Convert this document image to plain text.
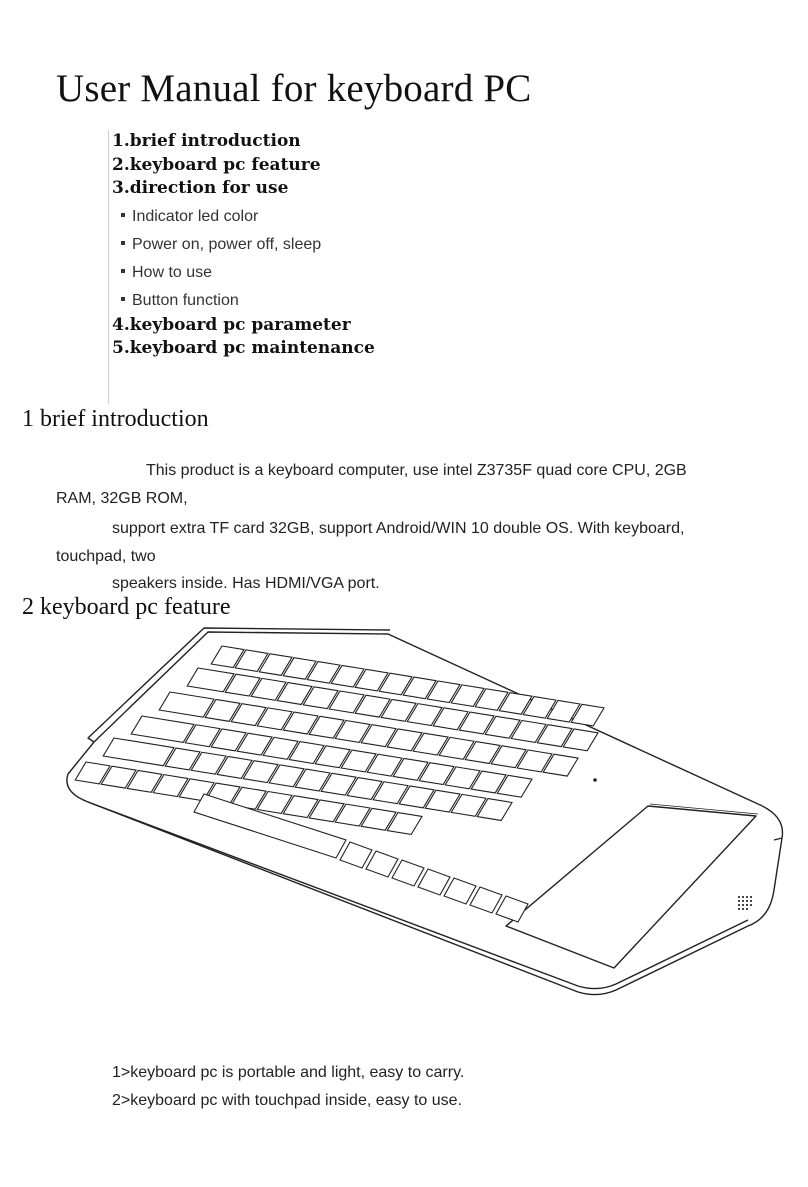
User Manual for keyboard PC
1.brief introduction
2.keyboard pc feature
3.direction for use
Indicator led color
Power on, power off, sleep
How to use
Button function
4.keyboard pc parameter
5.keyboard pc maintenance
1 brief introduction
This product is a keyboard computer, use intel Z3735F quad core CPU, 2GB
RAM, 32GB ROM,
support extra TF card 32GB, support Android/WIN 10 double OS. With keyboard,
touchpad, two
speakers inside. Has HDMI/VGA port.
2 keyboard pc feature
1>keyboard pc is portable and light, easy to carry.
2>keyboard pc with touchpad inside, easy to use.
